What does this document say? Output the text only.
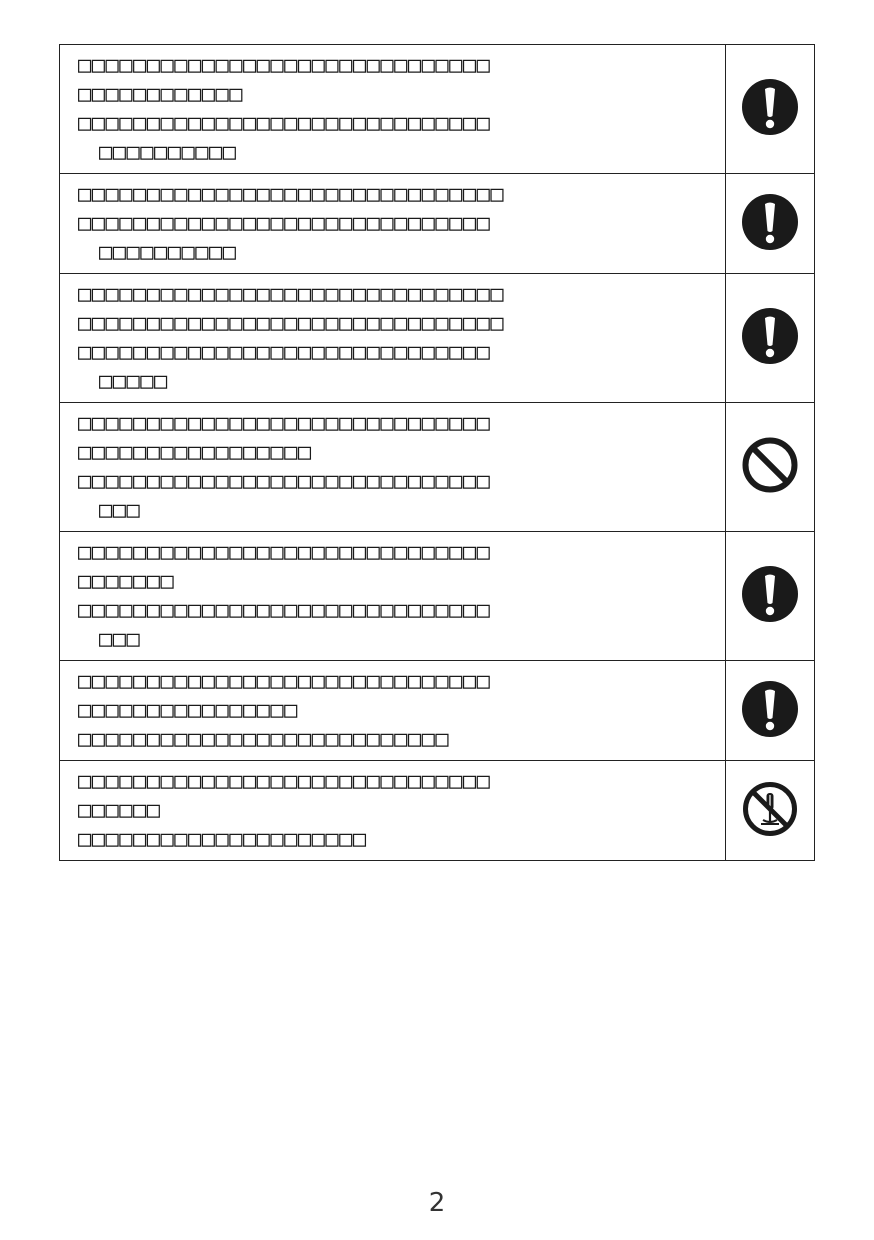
□□□□□□□□□□□□□□□□□□□□□□□□□□□□□□
□□□□□□□□□□□□
□□□□□□□□□□□□□□□□□□□□□□□□□□□□□□
□□□□□□□□□□
□□□□□□□□□□□□□□□□□□□□□□□□□□□□□□□
□□□□□□□□□□□□□□□□□□□□□□□□□□□□□□
□□□□□□□□□□
□□□□□□□□□□□□□□□□□□□□□□□□□□□□□□□
□□□□□□□□□□□□□□□□□□□□□□□□□□□□□□□
□□□□□□□□□□□□□□□□□□□□□□□□□□□□□□
□□□□□
□□□□□□□□□□□□□□□□□□□□□□□□□□□□□□
□□□□□□□□□□□□□□□□□
□□□□□□□□□□□□□□□□□□□□□□□□□□□□□□
□□□
□□□□□□□□□□□□□□□□□□□□□□□□□□□□□□
□□□□□□□
□□□□□□□□□□□□□□□□□□□□□□□□□□□□□□
□□□
□□□□□□□□□□□□□□□□□□□□□□□□□□□□□□
□□□□□□□□□□□□□□□□
□□□□□□□□□□□□□□□□□□□□□□□□□□□
□□□□□□□□□□□□□□□□□□□□□□□□□□□□□□
□□□□□□
□□□□□□□□□□□□□□□□□□□□□
2
